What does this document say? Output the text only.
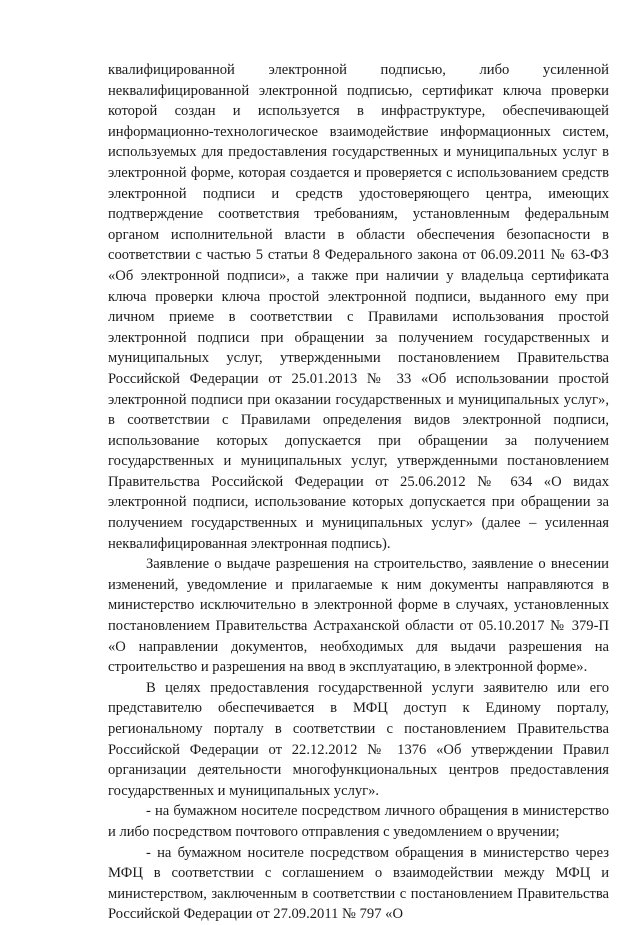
квалифицированной электронной подписью, либо усиленной неквалифицированной электронной подписью, сертификат ключа проверки которой создан и используется в инфраструктуре, обеспечивающей информационно-технологическое взаимодействие информационных систем, используемых для предоставления государственных и муниципальных услуг в электронной форме, которая создается и проверяется с использованием средств электронной подписи и средств удостоверяющего центра, имеющих подтверждение соответствия требованиям, установленным федеральным органом исполнительной власти в области обеспечения безопасности в соответствии с частью 5 статьи 8 Федерального закона от 06.09.2011 № 63-ФЗ «Об электронной подписи», а также при наличии у владельца сертификата ключа проверки ключа простой электронной подписи, выданного ему при личном приеме в соответствии с Правилами использования простой электронной подписи при обращении за получением государственных и муниципальных услуг, утвержденными постановлением Правительства Российской Федерации от 25.01.2013 № 33 «Об использовании простой электронной подписи при оказании государственных и муниципальных услуг», в соответствии с Правилами определения видов электронной подписи, использование которых допускается при обращении за получением государственных и муниципальных услуг, утвержденными постановлением Правительства Российской Федерации от 25.06.2012 № 634 «О видах электронной подписи, использование которых допускается при обращении за получением государственных и муниципальных услуг» (далее – усиленная неквалифицированная электронная подпись).

Заявление о выдаче разрешения на строительство, заявление о внесении изменений, уведомление и прилагаемые к ним документы направляются в министерство исключительно в электронной форме в случаях, установленных постановлением Правительства Астраханской области от 05.10.2017 № 379-П «О направлении документов, необходимых для выдачи разрешения на строительство и разрешения на ввод в эксплуатацию, в электронной форме».

В целях предоставления государственной услуги заявителю или его представителю обеспечивается в МФЦ доступ к Единому порталу, региональному порталу в соответствии с постановлением Правительства Российской Федерации от 22.12.2012 № 1376 «Об утверждении Правил организации деятельности многофункциональных центров предоставления государственных и муниципальных услуг».

- на бумажном носителе посредством личного обращения в министерство и либо посредством почтового отправления с уведомлением о вручении;

- на бумажном носителе посредством обращения в министерство через МФЦ в соответствии с соглашением о взаимодействии между МФЦ и министерством, заключенным в соответствии с постановлением Правительства Российской Федерации от 27.09.2011 № 797 «О
